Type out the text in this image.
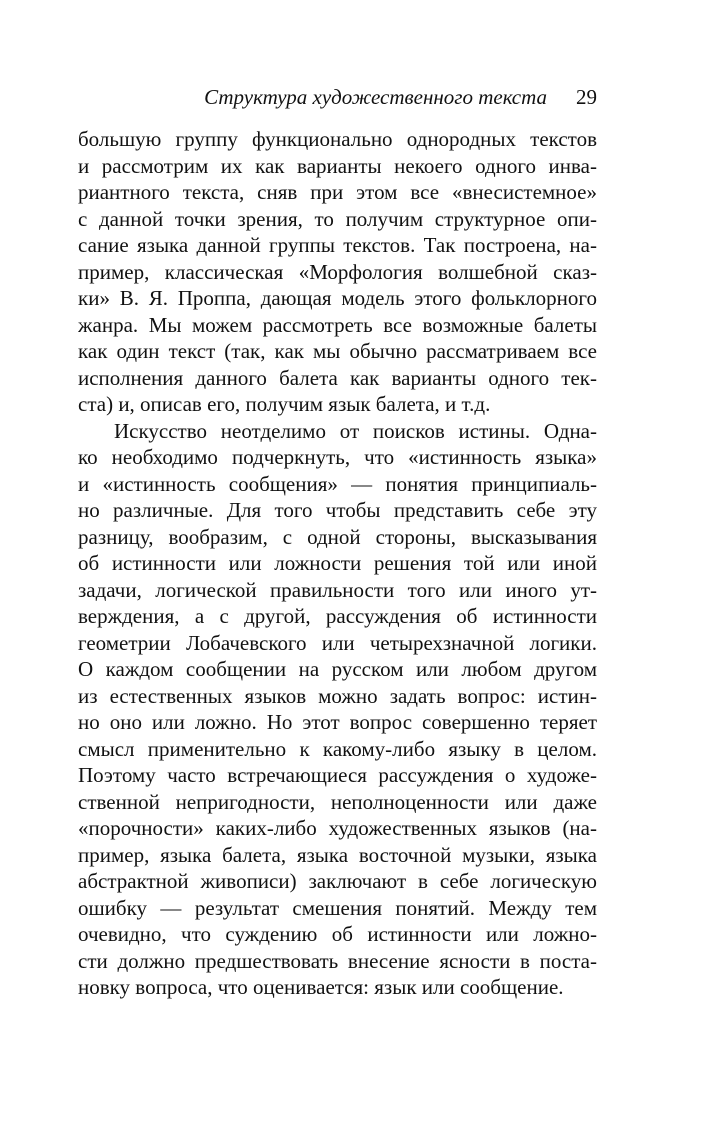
Структура художественного текста 29
большую группу функционально однородных текстов
и рассмотрим их как варианты некоего одного инва-
риантного текста, сняв при этом все «внесистемное»
с данной точки зрения, то получим структурное опи-
сание языка данной группы текстов. Так построена, на-
пример, классическая «Морфология волшебной сказ-
ки» В. Я. Проппа, дающая модель этого фольклорного
жанра. Мы можем рассмотреть все возможные балеты
как один текст (так, как мы обычно рассматриваем все
исполнения данного балета как варианты одного тек-
ста) и, описав его, получим язык балета, и т.д.
Искусство неотделимо от поисков истины. Одна-
ко необходимо подчеркнуть, что «истинность языка»
и «истинность сообщения» — понятия принципиаль-
но различные. Для того чтобы представить себе эту
разницу, вообразим, с одной стороны, высказывания
об истинности или ложности решения той или иной
задачи, логической правильности того или иного ут-
верждения, а с другой, рассуждения об истинности
геометрии Лобачевского или четырехзначной логики.
О каждом сообщении на русском или любом другом
из естественных языков можно задать вопрос: истин-
но оно или ложно. Но этот вопрос совершенно теряет
смысл применительно к какому-либо языку в целом.
Поэтому часто встречающиеся рассуждения о художе-
ственной непригодности, неполноценности или даже
«порочности» каких-либо художественных языков (на-
пример, языка балета, языка восточной музыки, языка
абстрактной живописи) заключают в себе логическую
ошибку — результат смешения понятий. Между тем
очевидно, что суждению об истинности или ложно-
сти должно предшествовать внесение ясности в поста-
новку вопроса, что оценивается: язык или сообщение.
